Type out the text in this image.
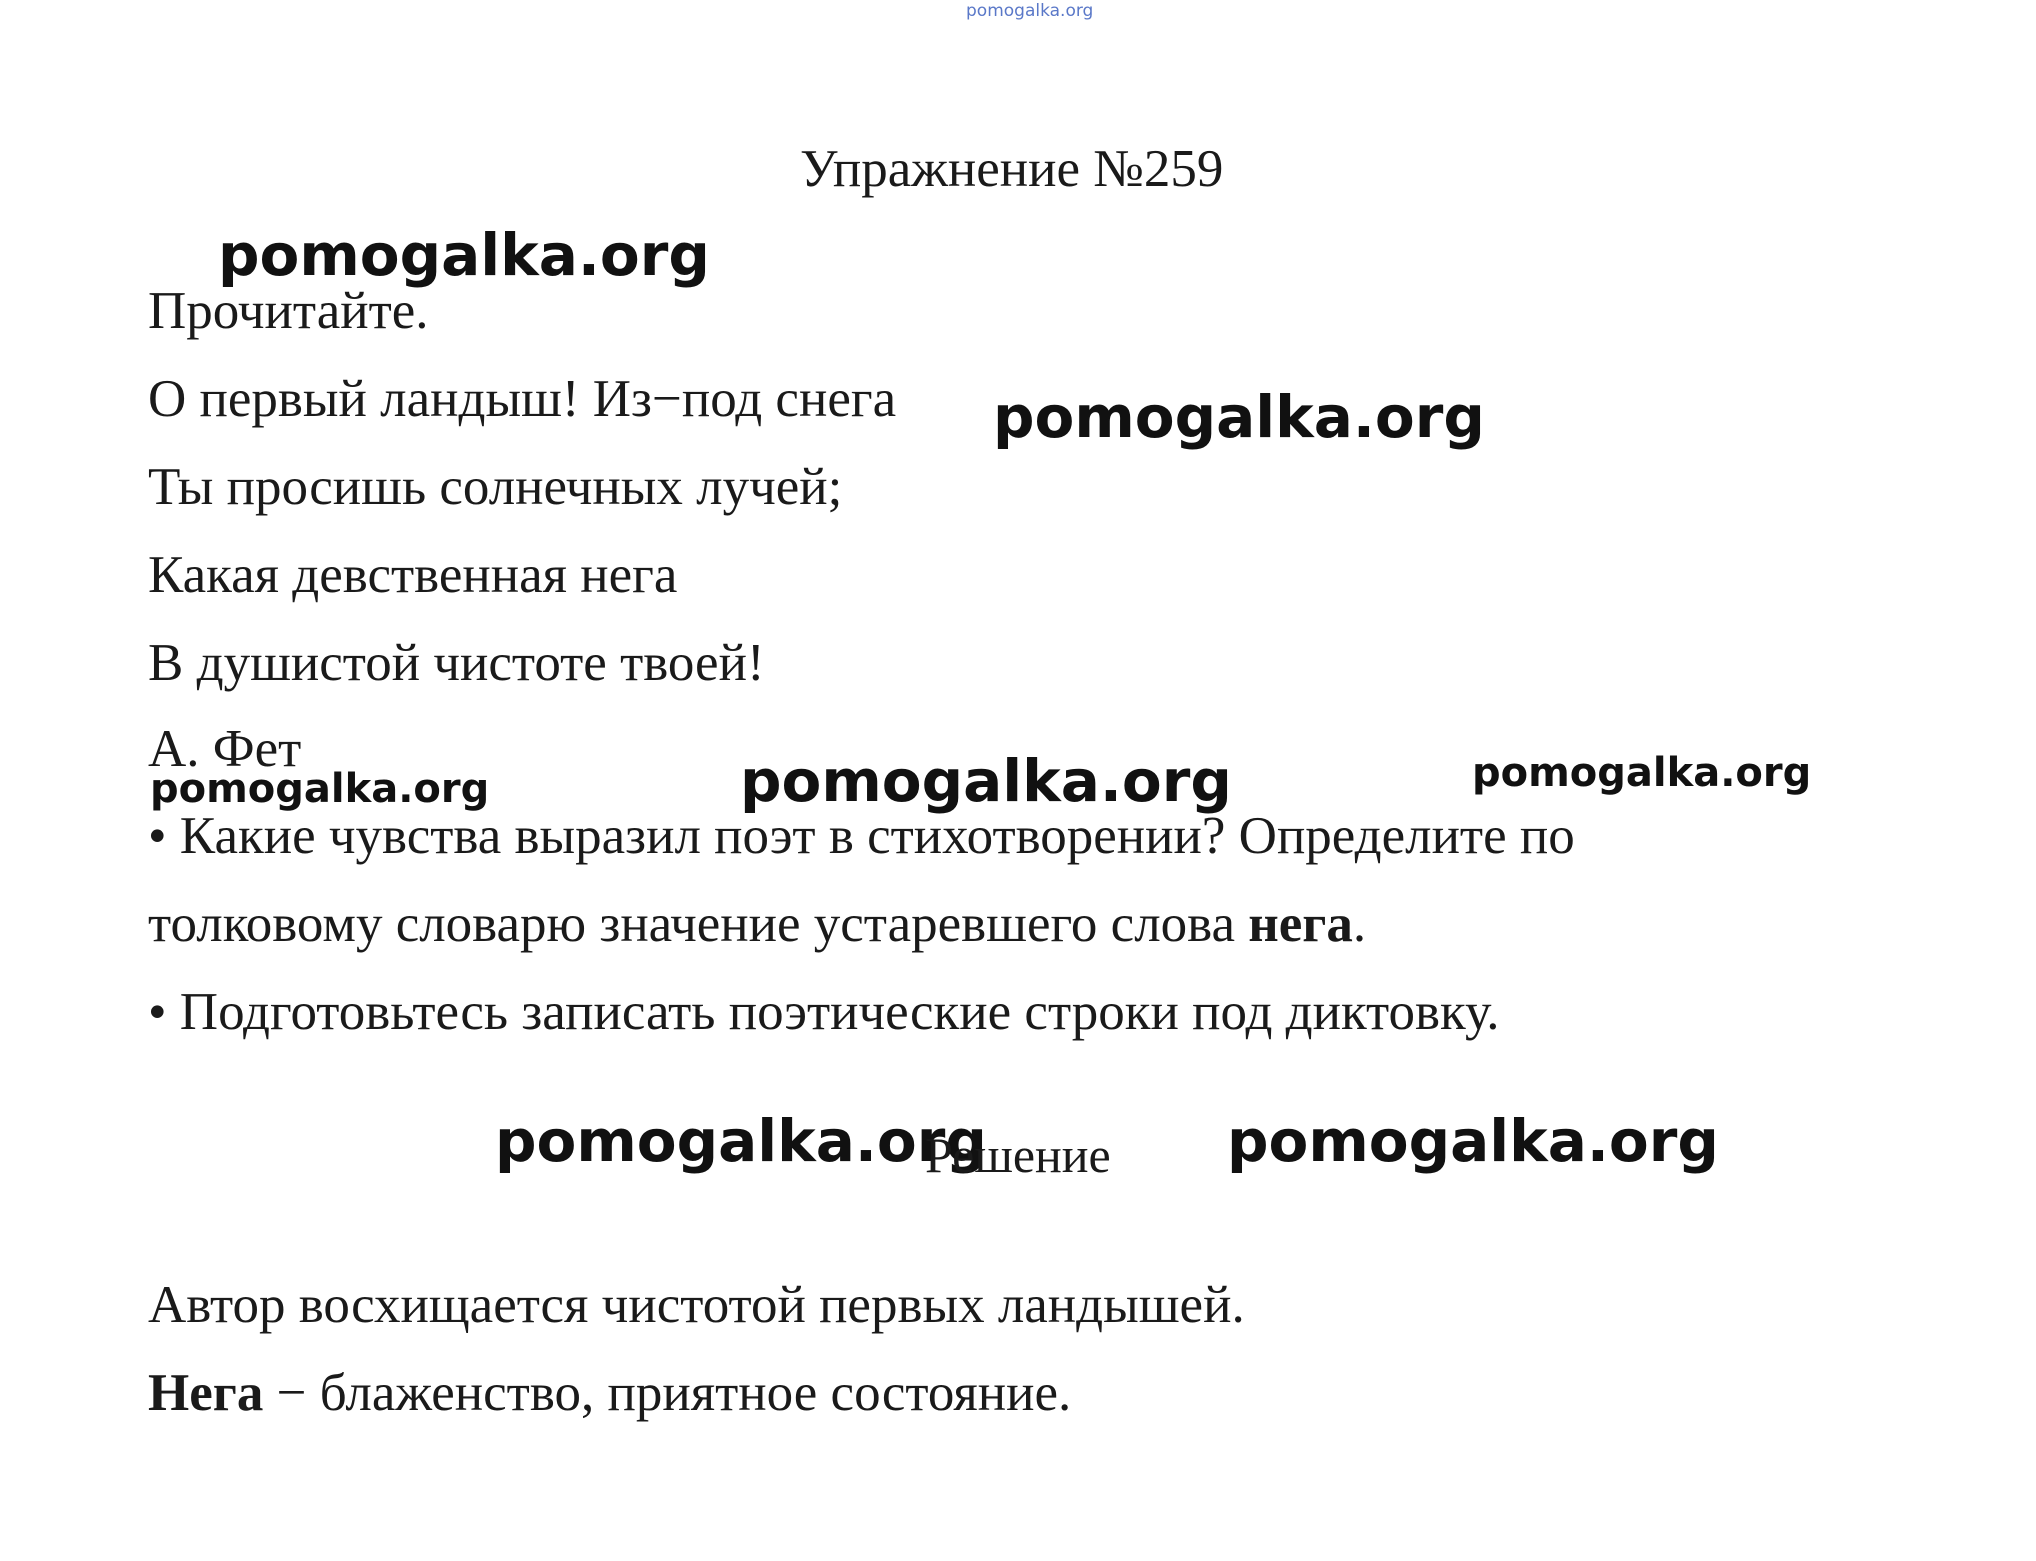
pomogalka.org
Упражнение №259
pomogalka.org
Прочитайте.
О первый ландыш! Из−под снега pomogalka.org
Ты просишь солнечных лучей;
Какая девственная нега
В душистой чистоте твоей!
А. Фет
pomogalka.org	pomogalka.org	pomogalka.org
• Какие чувства выразил поэт в стихотворении? Определите по
толковому словарю значение устаревшего слова нега.
• Подготовьтесь записать поэтические строки под диктовку.
pomogalka.org
Решение pomogalka.org
Автор восхищается чистотой первых ландышей.
Нега − блаженство, приятное состояние.
